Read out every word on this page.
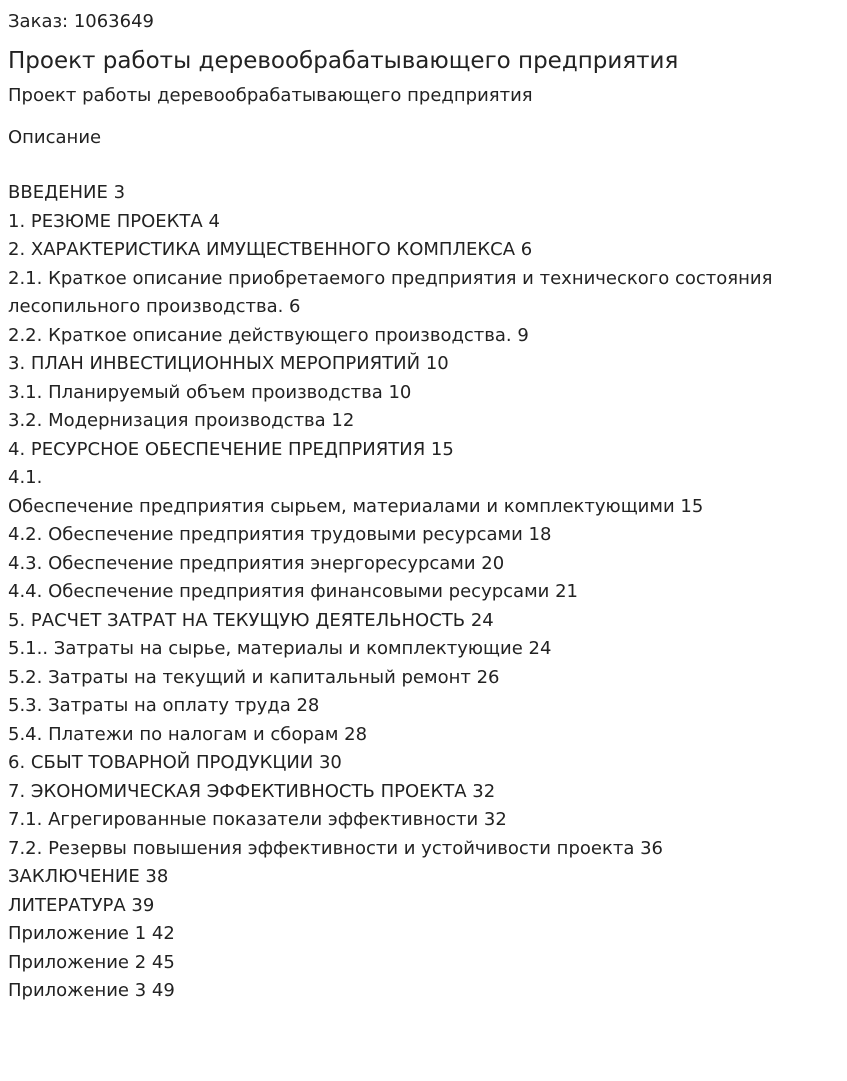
Заказ: 1063649
Проект работы деревообрабатывающего предприятия
Проект работы деревообрабатывающего предприятия
Описание
ВВЕДЕНИЕ 3
1. РЕЗЮМЕ ПРОЕКТА 4
2. ХАРАКТЕРИСТИКА ИМУЩЕСТВЕННОГО КОМПЛЕКСА 6
2.1. Краткое описание приобретаемого предприятия и технического состояния
лесопильного производства. 6
2.2. Краткое описание действующего производства. 9
3. ПЛАН ИНВЕСТИЦИОННЫХ МЕРОПРИЯТИЙ 10
3.1. Планируемый объем производства 10
3.2. Модернизация производства 12
4. РЕСУРСНОЕ ОБЕСПЕЧЕНИЕ ПРЕДПРИЯТИЯ 15
4.1.
Обеспечение предприятия сырьем, материалами и комплектующими 15
4.2. Обеспечение предприятия трудовыми ресурсами 18
4.3. Обеспечение предприятия энергоресурсами 20
4.4. Обеспечение предприятия финансовыми ресурсами 21
5. РАСЧЕТ ЗАТРАТ НА ТЕКУЩУЮ ДЕЯТЕЛЬНОСТЬ 24
5.1.. Затраты на сырье, материалы и комплектующие 24
5.2. Затраты на текущий и капитальный ремонт 26
5.3. Затраты на оплату труда 28
5.4. Платежи по налогам и сборам 28
6. СБЫТ ТОВАРНОЙ ПРОДУКЦИИ 30
7. ЭКОНОМИЧЕСКАЯ ЭФФЕКТИВНОСТЬ ПРОЕКТА 32
7.1. Агрегированные показатели эффективности 32
7.2. Резервы повышения эффективности и устойчивости проекта 36
ЗАКЛЮЧЕНИЕ 38
ЛИТЕРАТУРА 39
Приложение 1 42
Приложение 2 45
Приложение 3 49
